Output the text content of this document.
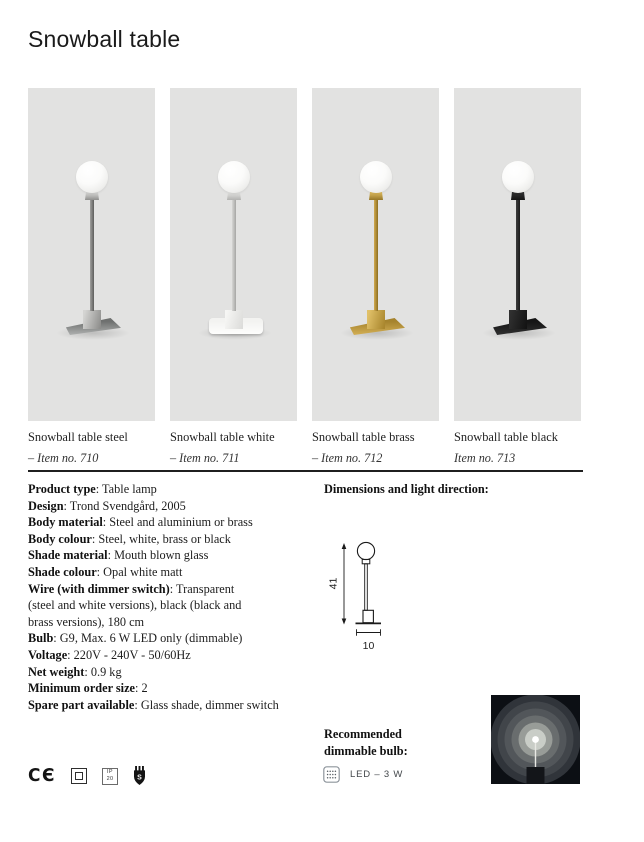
Snowball table
Snowball table steel
– Item no. 710
Snowball table white
– Item no. 711
Snowball table brass
– Item no. 712
Snowball table black
Item no. 713
Product type: Table lamp
Design: Trond Svendgård, 2005
Body material: Steel and aluminium or brass
Body colour: Steel, white, brass or black
Shade material: Mouth blown glass
Shade colour: Opal white matt
Wire (with dimmer switch): Transparent
(steel and white versions), black (black and
brass versions), 180 cm
Bulb: G9, Max. 6 W LED only (dimmable)
Voltage: 220V - 240V - 50/60Hz
Net weight: 0.9 kg
Minimum order size: 2
Spare part available: Glass shade, dimmer switch
Dimensions and light direction:
41
10
Recommended
dimmable bulb:
LED – 3 W
CЄ	IP
20	S
